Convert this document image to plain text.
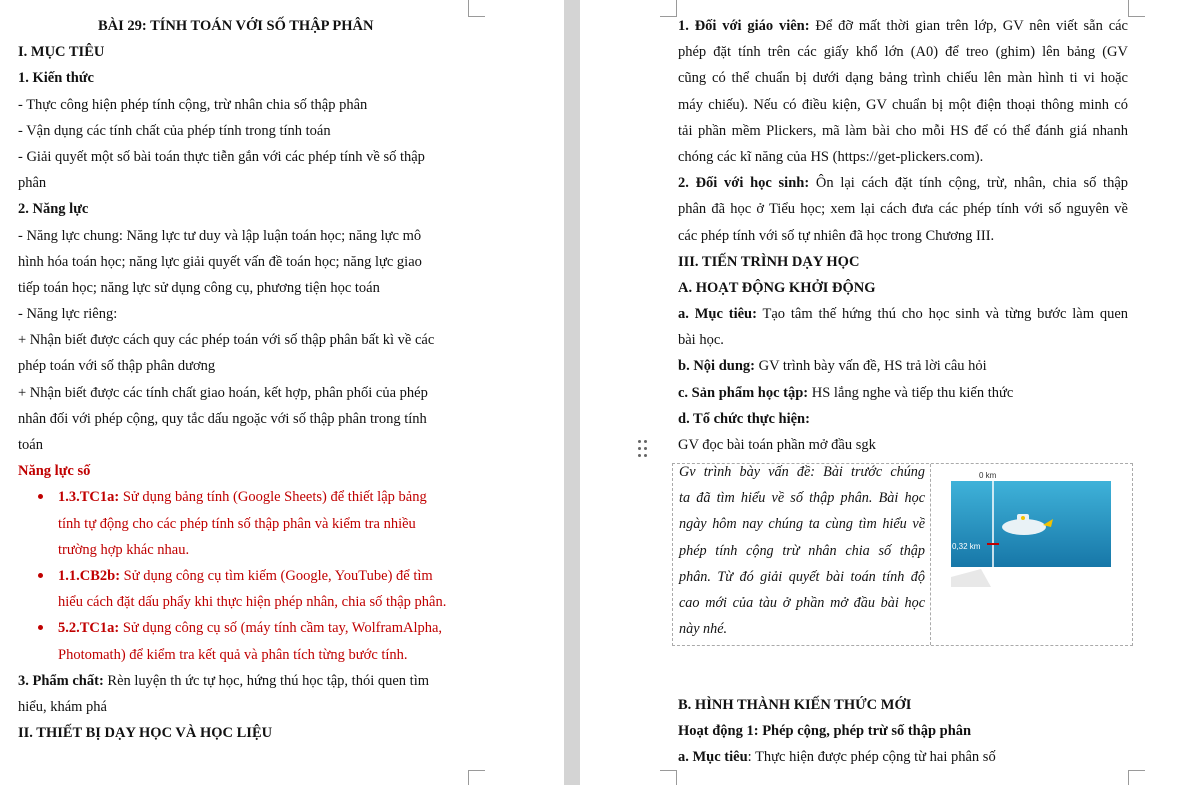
BÀI 29: TÍNH TOÁN VỚI SỐ THẬP PHÂN
I. MỤC TIÊU
1. Kiến thức
- Thực công hiện phép tính cộng, trừ nhân chia số thập phân
- Vận dụng các tính chất của phép tính trong tính toán
- Giải quyết một số bài toán thực tiễn gắn với các phép tính về số thập
phân
2. Năng lực
- Năng lực chung: Năng lực tư duy và lập luận toán học; năng lực mô
hình hóa toán học; năng lực giải quyết vấn đề toán học; năng lực giao
tiếp toán học; năng lực sử dụng công cụ, phương tiện học toán
- Năng lực riêng:
+ Nhận biết được cách quy các phép toán với số thập phân bất kì về các
phép toán với số thập phân dương
+ Nhận biết được các tính chất giao hoán, kết hợp, phân phối của phép
nhân đối với phép cộng, quy tắc dấu ngoặc với số thập phân trong tính
toán
Năng lực số
1.3.TC1a: Sử dụng bảng tính (Google Sheets) để thiết lập bảng
tính tự động cho các phép tính số thập phân và kiểm tra nhiều
trường hợp khác nhau.
1.1.CB2b: Sử dụng công cụ tìm kiếm (Google, YouTube) để tìm
hiểu cách đặt dấu phẩy khi thực hiện phép nhân, chia số thập phân.
5.2.TC1a: Sử dụng công cụ số (máy tính cầm tay, WolframAlpha,
Photomath) để kiểm tra kết quả và phân tích từng bước tính.
3. Phẩm chất: Rèn luyện th ức tự học, hứng thú học tập, thói quen tìm
hiểu, khám phá
II. THIẾT BỊ DẠY HỌC VÀ HỌC LIỆU
1. Đối với giáo viên: Để đỡ mất thời gian trên lớp, GV nên viết sẵn các
phép đặt tính trên các giấy khổ lớn (A0) để treo (ghim) lên bảng (GV
cũng có thể chuẩn bị dưới dạng bảng trình chiếu lên màn hình ti vi hoặc
máy chiếu). Nếu có điều kiện, GV chuẩn bị một điện thoại thông minh có
tải phần mềm Plickers, mã làm bài cho mỗi HS để có thể đánh giá nhanh
chóng các kĩ năng của HS (https://get-plickers.com).
2. Đối với học sinh: Ôn lại cách đặt tính cộng, trừ, nhân, chia số thập
phân đã học ở Tiểu học; xem lại cách đưa các phép tính với số nguyên về
các phép tính với số tự nhiên đã học trong Chương III.
III. TIẾN TRÌNH DẠY HỌC
A. HOẠT ĐỘNG KHỞI ĐỘNG
a. Mục tiêu: Tạo tâm thế hứng thú cho học sinh và từng bước làm quen
bài học.
b. Nội dung: GV trình bày vấn đề, HS trả lời câu hỏi
c. Sản phẩm học tập: HS lắng nghe và tiếp thu kiến thức
d. Tổ chức thực hiện:
GV đọc bài toán phần mở đầu sgk
Gv trình bày vấn đề: Bài trước chúng
ta đã tìm hiểu về số thập phân. Bài học
ngày hôm nay chúng ta cùng tìm hiểu về
phép tính cộng trừ nhân chia số thập
phân. Từ đó giải quyết bài toán tính độ
cao mới của tàu ở phần mở đầu bài học
này nhé.
0 km
0,32 km
B. HÌNH THÀNH KIẾN THỨC MỚI
Hoạt động 1: Phép cộng, phép trừ số thập phân
a. Mục tiêu: Thực hiện được phép cộng từ hai phân số
